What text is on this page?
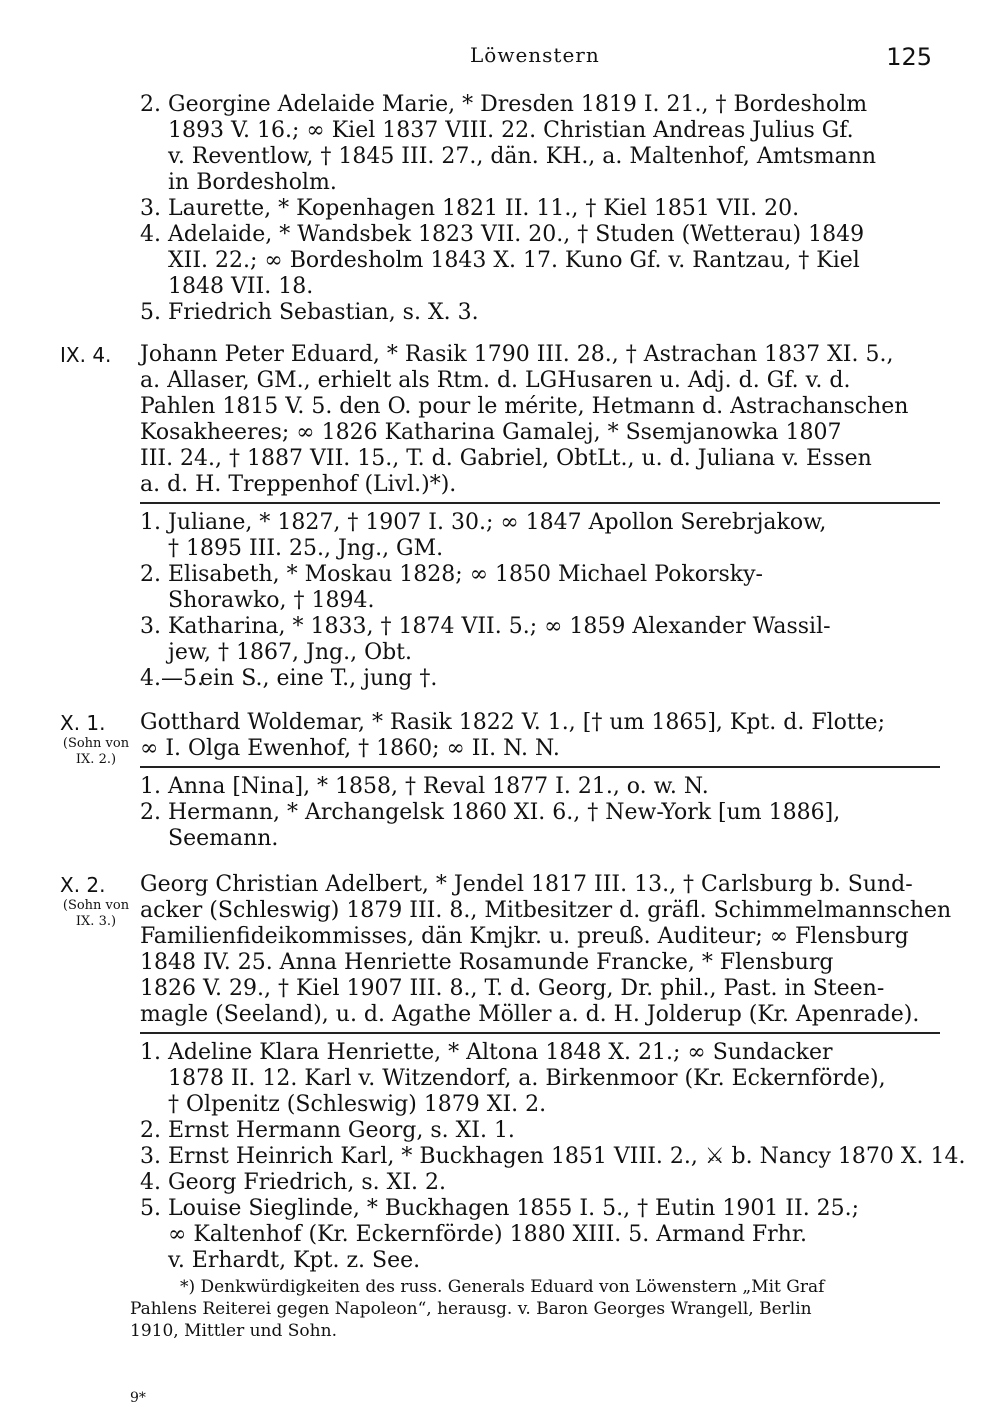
Löwenstern	125
2. Georgine Adelaide Marie, * Dresden 1819 I. 21., † Bordesholm
1893 V. 16.; ∞ Kiel 1837 VIII. 22. Christian Andreas Julius Gf.
v. Reventlow, † 1845 III. 27., dän. KH., a. Maltenhof, Amtsmann
in Bordesholm.
3. Laurette, * Kopenhagen 1821 II. 11., † Kiel 1851 VII. 20.
4. Adelaide, * Wandsbek 1823 VII. 20., † Studen (Wetterau) 1849
XII. 22.; ∞ Bordesholm 1843 X. 17. Kuno Gf. v. Rantzau, † Kiel
1848 VII. 18.
5. Friedrich Sebastian, s. X. 3.
IX. 4.	Johann Peter Eduard, * Rasik 1790 III. 28., † Astrachan 1837 XI. 5.,
a. Allaser, GM., erhielt als Rtm. d. LGHusaren u. Adj. d. Gf. v. d.
Pahlen 1815 V. 5. den O. pour le mérite, Hetmann d. Astrachanschen
Kosakheeres; ∞ 1826 Katharina Gamalej, * Ssemjanowka 1807
III. 24., † 1887 VII. 15., T. d. Gabriel, ObtLt., u. d. Juliana v. Essen
a. d. H. Treppenhof (Livl.)*).
1. Juliane, * 1827, † 1907 I. 30.; ∞ 1847 Apollon Serebrjakow,
† 1895 III. 25., Jng., GM.
2. Elisabeth, * Moskau 1828; ∞ 1850 Michael Pokorsky-
Shorawko, † 1894.
3. Katharina, * 1833, † 1874 VII. 5.; ∞ 1859 Alexander Wassil-
jew, † 1867, Jng., Obt.
4.—5.ein S., eine T., jung †.
X. 1.
(Sohn von IX. 2.)
Gotthard Woldemar, * Rasik 1822 V. 1., [† um 1865], Kpt. d. Flotte;
∞ I. Olga Ewenhof, † 1860; ∞ II. N. N.
1. Anna [Nina], * 1858, † Reval 1877 I. 21., o. w. N.
2. Hermann, * Archangelsk 1860 XI. 6., † New-York [um 1886],
Seemann.
X. 2.
(Sohn von IX. 3.)
Georg Christian Adelbert, * Jendel 1817 III. 13., † Carlsburg b. Sund-
acker (Schleswig) 1879 III. 8., Mitbesitzer d. gräfl. Schimmelmannschen
Familienfideikommisses, dän Kmjkr. u. preuß. Auditeur; ∞ Flensburg
1848 IV. 25. Anna Henriette Rosamunde Francke, * Flensburg
1826 V. 29., † Kiel 1907 III. 8., T. d. Georg, Dr. phil., Past. in Steen-
magle (Seeland), u. d. Agathe Möller a. d. H. Jolderup (Kr. Apenrade).
1. Adeline Klara Henriette, * Altona 1848 X. 21.; ∞ Sundacker
1878 II. 12. Karl v. Witzendorf, a. Birkenmoor (Kr. Eckernförde),
† Olpenitz (Schleswig) 1879 XI. 2.
2. Ernst Hermann Georg, s. XI. 1.
3. Ernst Heinrich Karl, * Buckhagen 1851 VIII. 2., ⚔ b. Nancy 1870 X. 14.
4. Georg Friedrich, s. XI. 2.
5. Louise Sieglinde, * Buckhagen 1855 I. 5., † Eutin 1901 II. 25.;
∞ Kaltenhof (Kr. Eckernförde) 1880 XIII. 5. Armand Frhr.
v. Erhardt, Kpt. z. See.
*) Denkwürdigkeiten des russ. Generals Eduard von Löwenstern „Mit Graf
Pahlens Reiterei gegen Napoleon“, herausg. v. Baron Georges Wrangell, Berlin
1910, Mittler und Sohn.
9*
